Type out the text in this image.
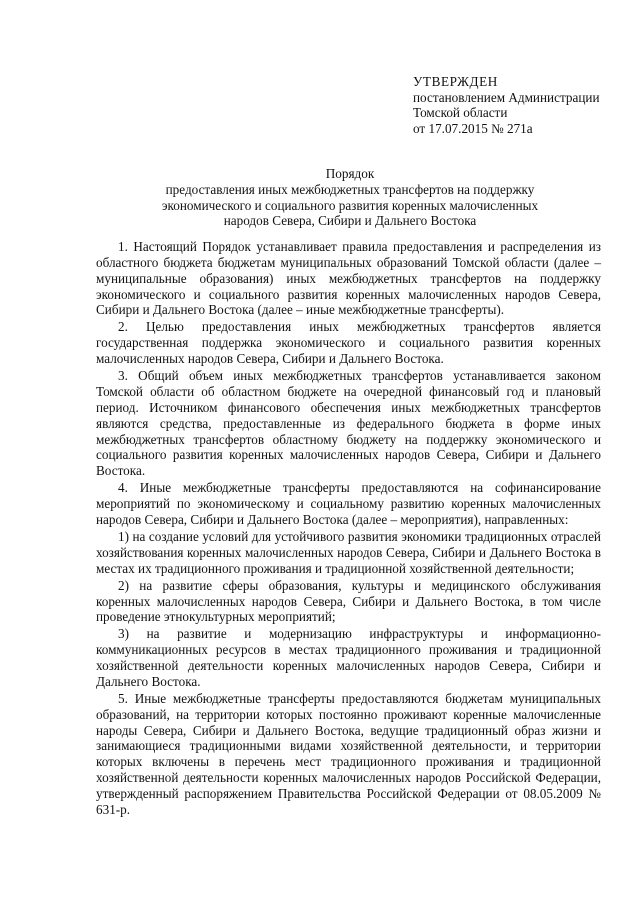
УТВЕРЖДЕН
постановлением Администрации
Томской области
от 17.07.2015 № 271а
Порядок
предоставления иных межбюджетных трансфертов на поддержку
экономического и социального развития коренных малочисленных
народов Севера, Сибири и Дальнего Востока

1. Настоящий Порядок устанавливает правила предоставления и распределения из областного бюджета бюджетам муниципальных образований Томской области (далее – муниципальные образования) иных межбюджетных трансфертов на поддержку экономического и социального развития коренных малочисленных народов Севера, Сибири и Дальнего Востока (далее – иные межбюджетные трансферты).

2. Целью предоставления иных межбюджетных трансфертов является государственная поддержка экономического и социального развития коренных малочисленных народов Севера, Сибири и Дальнего Востока.

3. Общий объем иных межбюджетных трансфертов устанавливается законом Томской области об областном бюджете на очередной финансовый год и плановый период. Источником финансового обеспечения иных межбюджетных трансфертов являются средства, предоставленные из федерального бюджета в форме иных межбюджетных трансфертов областному бюджету на поддержку экономического и социального развития коренных малочисленных народов Севера, Сибири и Дальнего Востока.

4. Иные межбюджетные трансферты предоставляются на софинансирование мероприятий по экономическому и социальному развитию коренных малочисленных народов Севера, Сибири и Дальнего Востока (далее – мероприятия), направленных:

1) на создание условий для устойчивого развития экономики традиционных отраслей хозяйствования коренных малочисленных народов Севера, Сибири и Дальнего Востока в местах их традиционного проживания и традиционной хозяйственной деятельности;

2) на развитие сферы образования, культуры и медицинского обслуживания коренных малочисленных народов Севера, Сибири и Дальнего Востока, в том числе проведение этнокультурных мероприятий;

3) на развитие и модернизацию инфраструктуры и информационно-коммуникационных ресурсов в местах традиционного проживания и традиционной хозяйственной деятельности коренных малочисленных народов Севера, Сибири и Дальнего Востока.

5. Иные межбюджетные трансферты предоставляются бюджетам муниципальных образований, на территории которых постоянно проживают коренные малочисленные народы Севера, Сибири и Дальнего Востока, ведущие традиционный образ жизни и занимающиеся традиционными видами хозяйственной деятельности, и территории которых включены в перечень мест традиционного проживания и традиционной хозяйственной деятельности коренных малочисленных народов Российской Федерации, утвержденный распоряжением Правительства Российской Федерации от 08.05.2009 № 631-р.
